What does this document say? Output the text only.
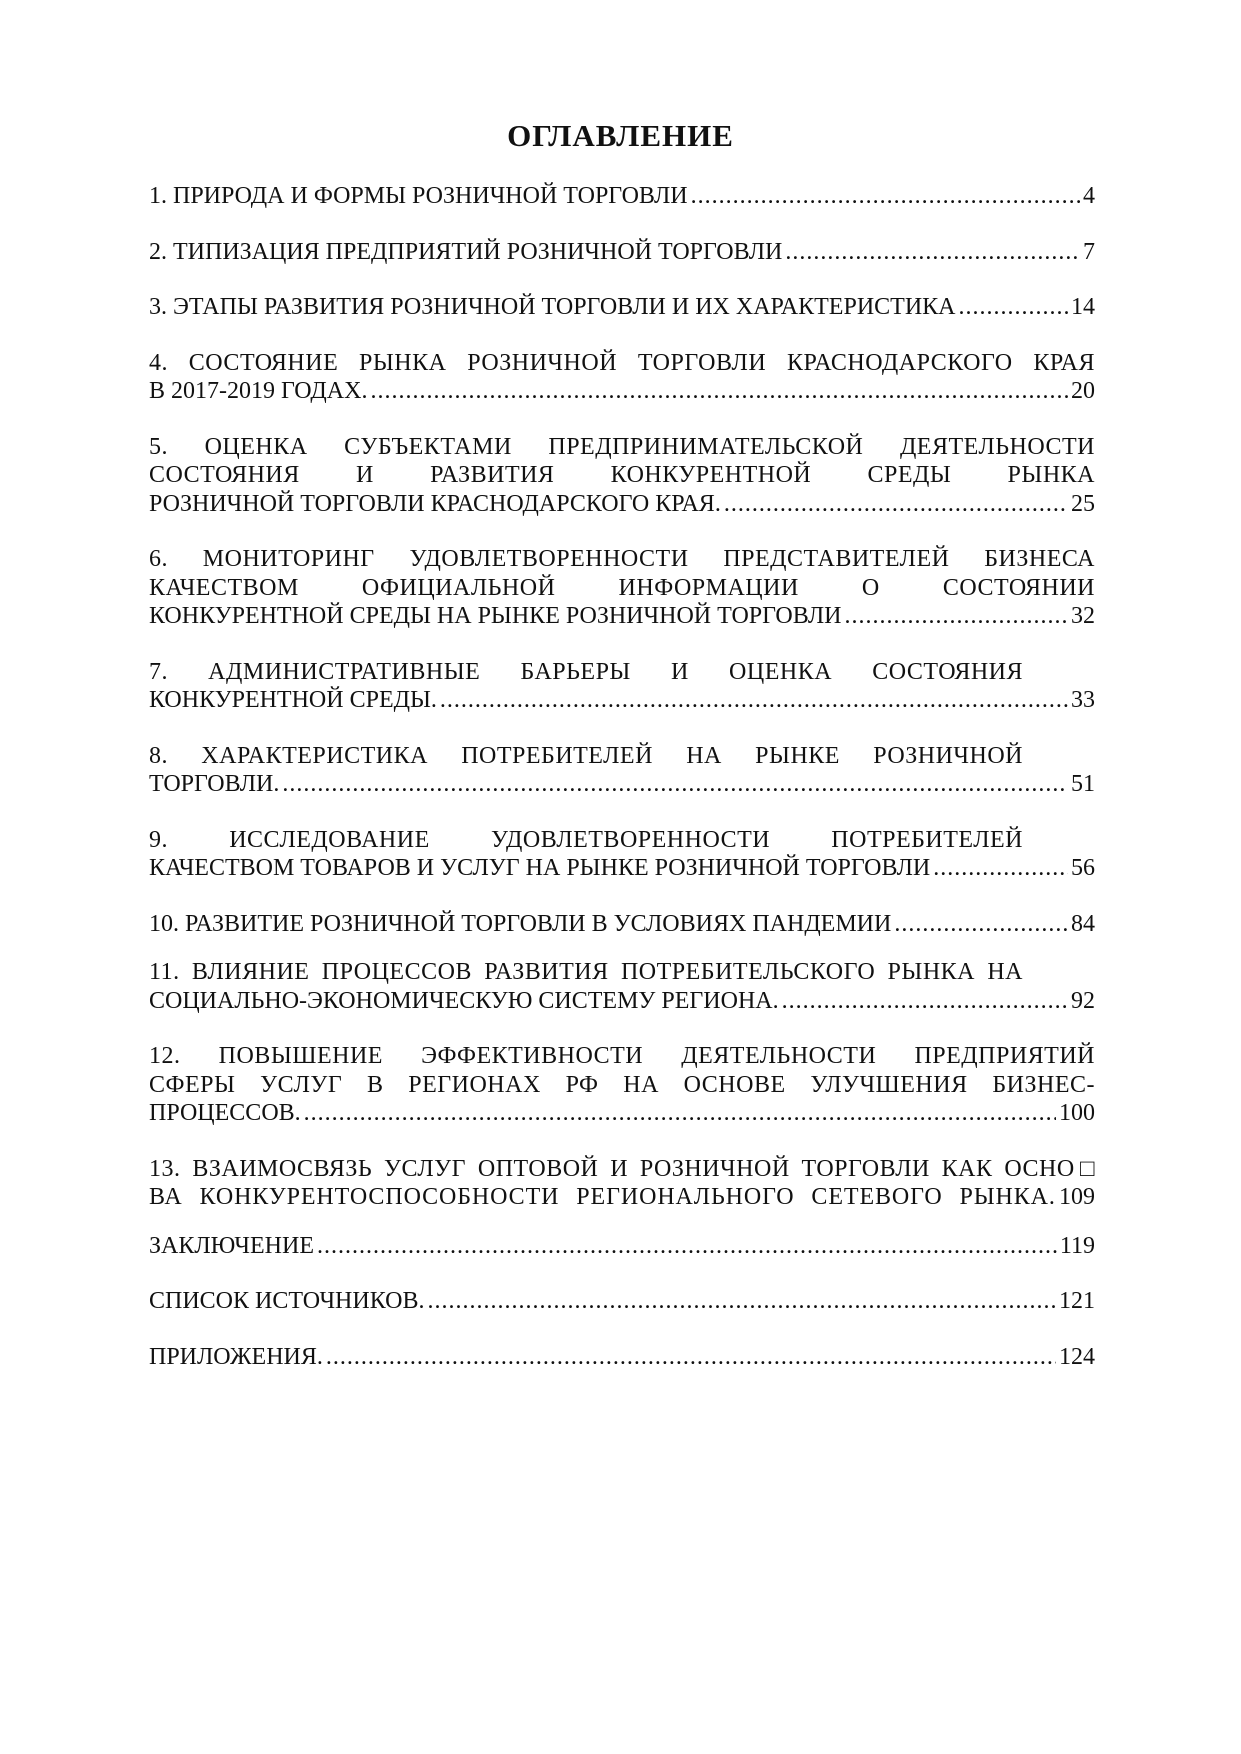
ОГЛАВЛЕНИЕ
1. ПРИРОДА И ФОРМЫ РОЗНИЧНОЙ ТОРГОВЛИ .....	4
2. ТИПИЗАЦИЯ ПРЕДПРИЯТИЙ РОЗНИЧНОЙ ТОРГОВЛИ .....	7
3. ЭТАПЫ РАЗВИТИЯ РОЗНИЧНОЙ ТОРГОВЛИ И ИХ ХАРАКТЕРИСТИКА .....	14
4. СОСТОЯНИЕ РЫНКА РОЗНИЧНОЙ ТОРГОВЛИ КРАСНОДАРСКОГО КРАЯ
В 2017-2019 ГОДАХ. .....	20
5. ОЦЕНКА СУБЪЕКТАМИ ПРЕДПРИНИМАТЕЛЬСКОЙ ДЕЯТЕЛЬНОСТИ
СОСТОЯНИЯ И РАЗВИТИЯ КОНКУРЕНТНОЙ СРЕДЫ РЫНКА
РОЗНИЧНОЙ ТОРГОВЛИ КРАСНОДАРСКОГО КРАЯ. .....	25
6. МОНИТОРИНГ УДОВЛЕТВОРЕННОСТИ ПРЕДСТАВИТЕЛЕЙ БИЗНЕСА
КАЧЕСТВОМ ОФИЦИАЛЬНОЙ ИНФОРМАЦИИ О СОСТОЯНИИ
КОНКУРЕНТНОЙ СРЕДЫ НА РЫНКЕ РОЗНИЧНОЙ ТОРГОВЛИ .....	32
7. АДМИНИСТРАТИВНЫЕ БАРЬЕРЫ И ОЦЕНКА СОСТОЯНИЯ
КОНКУРЕНТНОЙ СРЕДЫ. .....	33
8. ХАРАКТЕРИСТИКА ПОТРЕБИТЕЛЕЙ НА РЫНКЕ РОЗНИЧНОЙ
ТОРГОВЛИ. .....	51
9. ИССЛЕДОВАНИЕ УДОВЛЕТВОРЕННОСТИ ПОТРЕБИТЕЛЕЙ
КАЧЕСТВОМ ТОВАРОВ И УСЛУГ НА РЫНКЕ РОЗНИЧНОЙ ТОРГОВЛИ .....	56
10. РАЗВИТИЕ РОЗНИЧНОЙ ТОРГОВЛИ В УСЛОВИЯХ ПАНДЕМИИ .....	84
11. ВЛИЯНИЕ ПРОЦЕССОВ РАЗВИТИЯ ПОТРЕБИТЕЛЬСКОГО РЫНКА НА
СОЦИАЛЬНО-ЭКОНОМИЧЕСКУЮ СИСТЕМУ РЕГИОНА. .....	92
12. ПОВЫШЕНИЕ ЭФФЕКТИВНОСТИ ДЕЯТЕЛЬНОСТИ ПРЕДПРИЯТИЙ
СФЕРЫ УСЛУГ В РЕГИОНАХ РФ НА ОСНОВЕ УЛУЧШЕНИЯ БИЗНЕС-
ПРОЦЕССОВ. .....	100
13. ВЗАИМОСВЯЗЬ УСЛУГ ОПТОВОЙ И РОЗНИЧНОЙ ТОРГОВЛИ КАК ОСНО□
ВА КОНКУРЕНТОСПОСОБНОСТИ РЕГИОНАЛЬНОГО СЕТЕВОГО РЫНКА. 109
ЗАКЛЮЧЕНИЕ .....	119
СПИСОК ИСТОЧНИКОВ. .....	121
ПРИЛОЖЕНИЯ. .....	124
